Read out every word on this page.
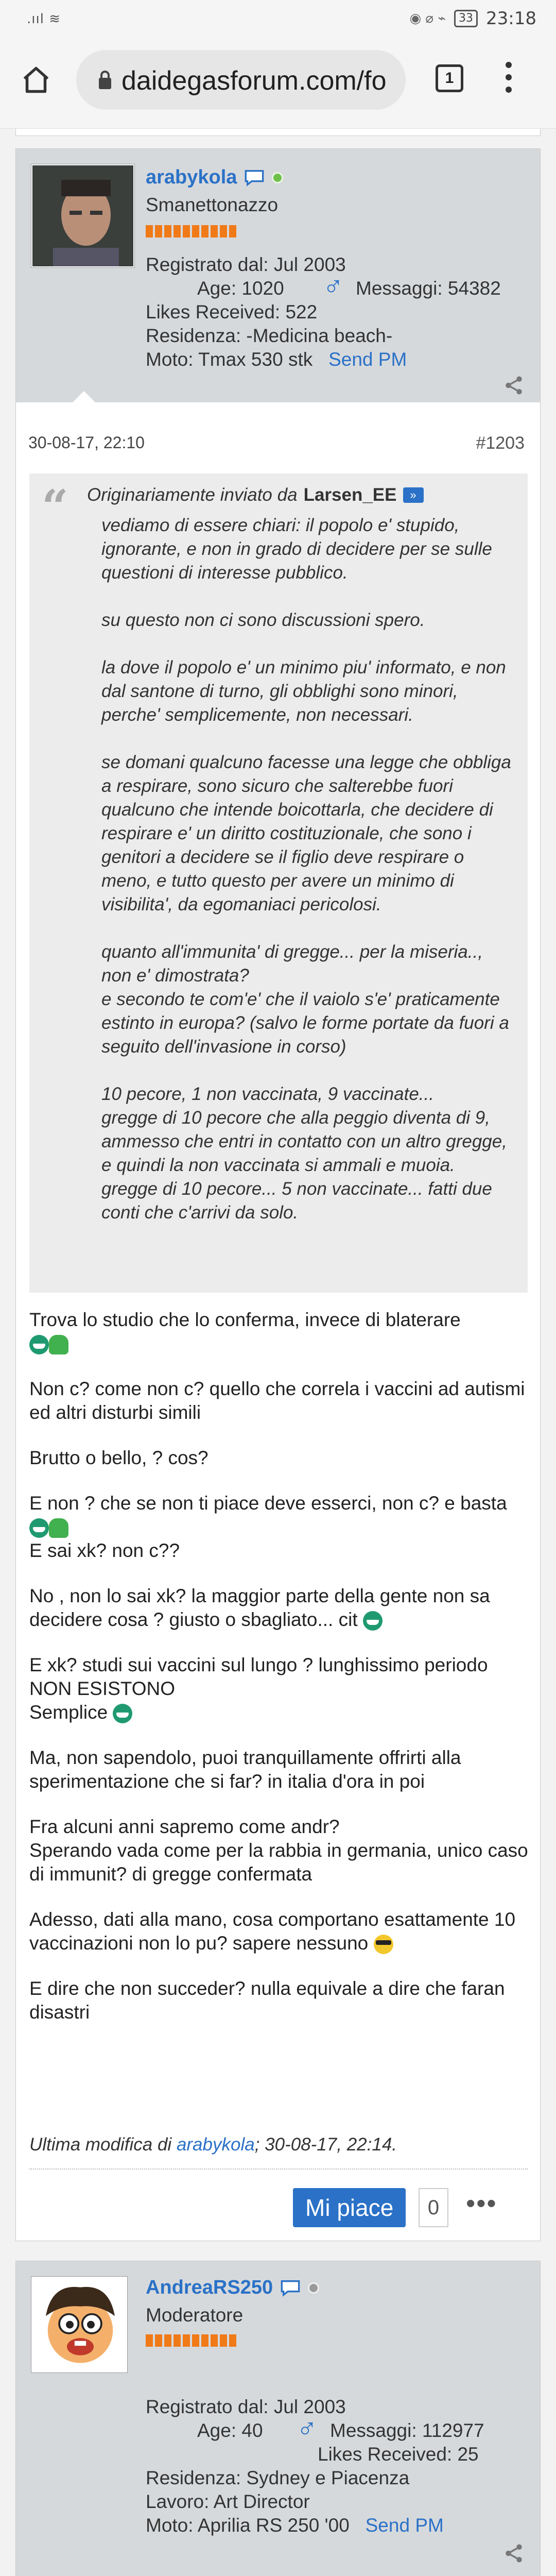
.ııl ≋	◉ ⌀ ⌁	33 23:18
daidegasforum.com/fo	1
arabykola
Smanettonazzo
Registrato dal: Jul 2003
Age: 1020 ♂ Messaggi: 54382
Likes Received: 522
Residenza: -Medicina beach-
Moto: Tmax 530 stk Send PM
30-08-17, 22:10	#1203
“ Originariamente inviato da Larsen_EE	»
vediamo di essere chiari: il popolo e' stupido, ignorante, e non in grado di decidere per se sulle questioni di interesse pubblico.

su questo non ci sono discussioni spero.

la dove il popolo e' un minimo piu' informato, e non dal santone di turno, gli obblighi sono minori, perche' semplicemente, non necessari.

se domani qualcuno facesse una legge che obbliga a respirare, sono sicuro che salterebbe fuori qualcuno che intende boicottarla, che decidere di respirare e' un diritto costituzionale, che sono i genitori a decidere se il figlio deve respirare o meno, e tutto questo per avere un minimo di visibilita', da egomaniaci pericolosi.

quanto all'immunita' di gregge... per la miseria.., non e' dimostrata?
e secondo te com'e' che il vaiolo s'e' praticamente estinto in europa? (salvo le forme portate da fuori a seguito dell'invasione in corso)

10 pecore, 1 non vaccinata, 9 vaccinate...
gregge di 10 pecore che alla peggio diventa di 9, ammesso che entri in contatto con un altro gregge, e quindi la non vaccinata si ammali e muoia.
gregge di 10 pecore... 5 non vaccinate... fatti due conti che c'arrivi da solo.

Trova lo studio che lo conferma, invece di blaterare

Non c? come non c? quello che correla i vaccini ad autismi ed altri disturbi simili

Brutto o bello, ? cos?

E non ? che se non ti piace deve esserci, non c? e basta

E sai xk? non c??

No , non lo sai xk? la maggior parte della gente non sa decidere cosa ? giusto o sbagliato... cit

E xk? studi sui vaccini sul lungo ? lunghissimo periodo NON ESISTONO
Semplice

Ma, non sapendolo, puoi tranquillamente offrirti alla sperimentazione che si far? in italia d'ora in poi

Fra alcuni anni sapremo come andr?
Sperando vada come per la rabbia in germania, unico caso di immunit? di gregge confermata

Adesso, dati alla mano, cosa comportano esattamente 10 vaccinazioni non lo pu? sapere nessuno

E dire che non succeder? nulla equivale a dire che faran disastri

Ultima modifica di arabykola; 30-08-17, 22:14.
Mi piace	0 •••
AndreaRS250
Moderatore
Registrato dal: Jul 2003
Age: 40 ♂ Messaggi: 112977
Likes Received: 25
Residenza: Sydney e Piacenza
Lavoro: Art Director
Moto: Aprilia RS 250 '00 Send PM
